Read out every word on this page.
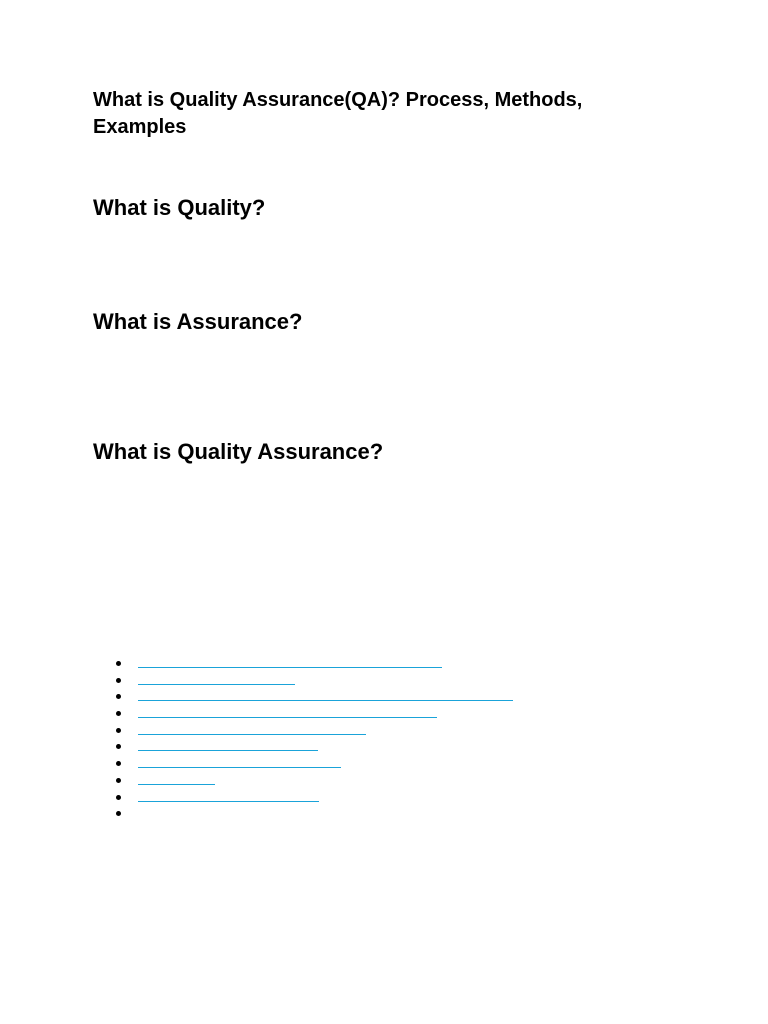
What is Quality Assurance(QA)? Process, Methods, Examples
What is Quality?
What is Assurance?
What is Quality Assurance?
